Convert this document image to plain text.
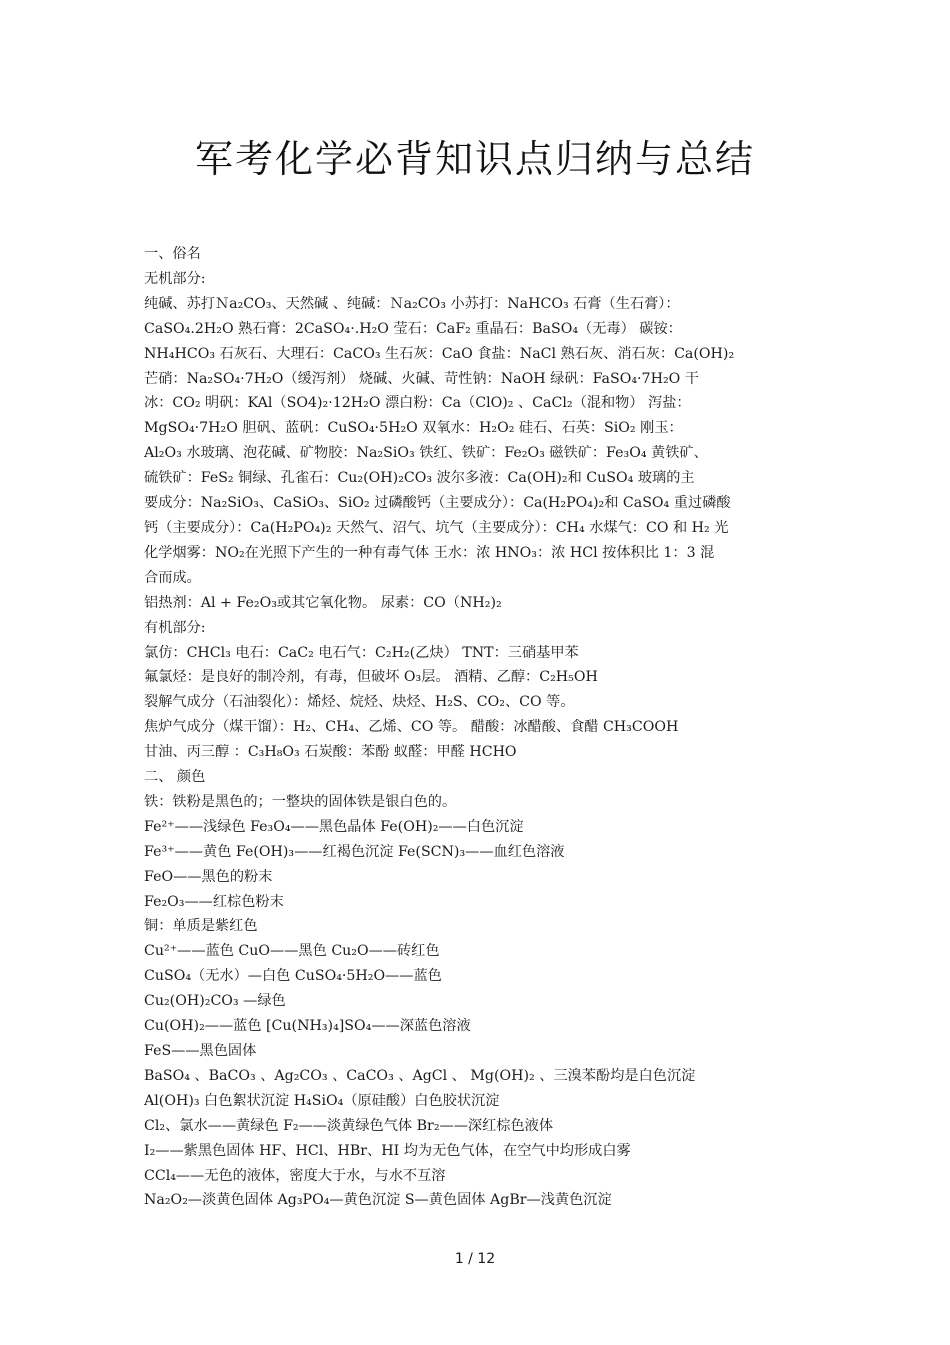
军考化学必背知识点归纳与总结
一、俗名
无机部分:
纯碱、苏打Ｎa₂CO₃、天然碱 、纯碱：Ｎa₂CO₃ 小苏打：NaHCO₃ 石膏（生石膏）：
CaSO₄.2H₂O 熟石膏：2CaSO₄·.H₂O 莹石：CaF₂ 重晶石：BaSO₄（无毒） 碳铵：
NH₄HCO₃ 石灰石、大理石：CaCO₃ 生石灰：CaO 食盐：NaCl 熟石灰、消石灰：Ca(OH)₂
芒硝：Na₂SO₄·7H₂O（缓泻剂） 烧碱、火碱、苛性钠：NaOH 绿矾：FaSO₄·7H₂O 干
冰：CO₂ 明矾：KAl（SO4)₂·12H₂O 漂白粉：Ca（ClO)₂ 、CaCl₂（混和物） 泻盐：
MgSO₄·7H₂O 胆矾、蓝矾：CuSO₄·5H₂O 双氧水：H₂O₂ 硅石、石英：SiO₂ 刚玉：
Al₂O₃ 水玻璃、泡花碱、矿物胶：Na₂SiO₃ 铁红、铁矿：Fe₂O₃ 磁铁矿：Fe₃O₄ 黄铁矿、
硫铁矿：FeS₂ 铜绿、孔雀石：Cu₂(OH)₂CO₃ 波尔多液：Ca(OH)₂和 CuSO₄ 玻璃的主
要成分：Na₂SiO₃、CaSiO₃、SiO₂ 过磷酸钙（主要成分）：Ca(H₂PO₄)₂和 CaSO₄ 重过磷酸
钙（主要成分）：Ca(H₂PO₄)₂ 天然气、沼气、坑气（主要成分）：CH₄ 水煤气：CO 和 H₂ 光
化学烟雾：NO₂在光照下产生的一种有毒气体 王水：浓 HNO₃：浓 HCl 按体积比 1：3 混
合而成。
铝热剂：Al + Fe₂O₃或其它氧化物。 尿素：CO（NH₂)₂
有机部分:
氯仿：CHCl₃ 电石：CaC₂ 电石气：C₂H₂(乙炔） TNT：三硝基甲苯
氟氯烃：是良好的制冷剂，有毒，但破坏 O₃层。 酒精、乙醇：C₂H₅OH
裂解气成分（石油裂化）：烯烃、烷烃、炔烃、H₂S、CO₂、CO 等。
焦炉气成分（煤干馏）：H₂、CH₄、乙烯、CO 等。 醋酸：冰醋酸、食醋 CH₃COOH
甘油、丙三醇 ：C₃H₈O₃ 石炭酸：苯酚 蚁醛：甲醛 HCHO
二、 颜色
铁：铁粉是黑色的；一整块的固体铁是银白色的。
Fe²⁺——浅绿色 Fe₃O₄——黑色晶体 Fe(OH)₂——白色沉淀
Fe³⁺——黄色 Fe(OH)₃——红褐色沉淀 Fe(SCN)₃——血红色溶液
FeO——黑色的粉末
Fe₂O₃——红棕色粉末
铜：单质是紫红色
Cu²⁺——蓝色 CuO——黑色 Cu₂O——砖红色
CuSO₄（无水）—白色 CuSO₄·5H₂O——蓝色
Cu₂(OH)₂CO₃ —绿色
Cu(OH)₂——蓝色 [Cu(NH₃)₄]SO₄——深蓝色溶液
FeS——黑色固体
BaSO₄ 、BaCO₃ 、Ag₂CO₃ 、CaCO₃ 、AgCl 、 Mg(OH)₂ 、三溴苯酚均是白色沉淀
Al(OH)₃ 白色絮状沉淀 H₄SiO₄（原硅酸）白色胶状沉淀
Cl₂、氯水——黄绿色 F₂——淡黄绿色气体 Br₂——深红棕色液体
I₂——紫黑色固体 HF、HCl、HBr、HI 均为无色气体，在空气中均形成白雾
CCl₄——无色的液体，密度大于水，与水不互溶
Na₂O₂—淡黄色固体 Ag₃PO₄—黄色沉淀 S—黄色固体 AgBr—浅黄色沉淀
1 / 12
